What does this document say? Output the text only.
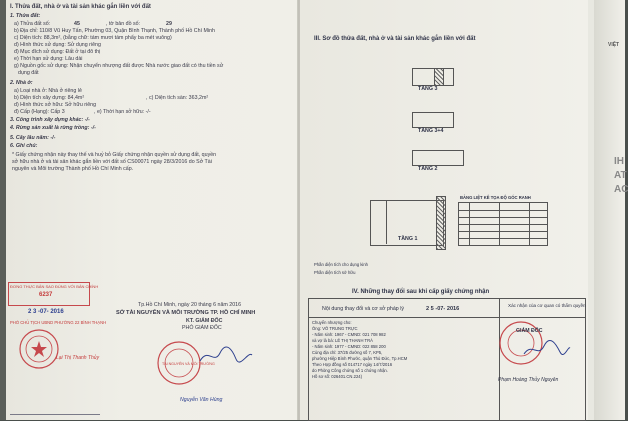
I. Thửa đất, nhà ở và tài sản khác gắn liền với đất
1. Thửa đất:
a) Thửa đất số:	45	, tờ bản đồ số:	29
b) Địa chỉ: 110/8 Vũ Huy Tấn, Phường 03, Quận Bình Thạnh, Thành phố Hồ Chí Minh
c) Diện tích: 88,3m², (bằng chữ: tám mươi tám phẩy ba mét vuông)
d) Hình thức sử dụng: Sử dụng riêng
đ) Mục đích sử dụng: Đất ở tại đô thị
e) Thời hạn sử dụng: Lâu dài
g) Nguồn gốc sử dụng: Nhận chuyển nhượng đất được Nhà nước giao đất có thu tiền sử
dụng đất
2. Nhà ở:
a) Loại nhà ở: Nhà ở riêng lẻ
b) Diện tích xây dựng: 84,4m²	, c) Diện tích sàn: 363,2m²
d) Hình thức sở hữu: Sở hữu riêng
đ) Cấp (Hạng): Cấp 3	, e) Thời hạn sở hữu: -/-
3. Công trình xây dựng khác: -/-
4. Rừng sản xuất là rừng trồng: -/-
5. Cây lâu năm: -/-
6. Ghi chú:
* Giấy chứng nhận này thay thế và huỷ bỏ Giấy chứng nhận quyền sử dụng đất, quyền
sở hữu nhà ở và tài sản khác gắn liền với đất số CS00071 ngày 28/3/2016 do Sở Tài
nguyên và Môi trường Thành phố Hồ Chí Minh cấp.
ĐƠNG THỰC BẢN SAO ĐÚNG VỚI BẢN CHÍNH
6237
2 3 -07- 2016
PHÓ CHỦ TỊCH UBND PHƯỜNG 22 BÌNH THẠNH
Lại Thị Thanh Thủy
Tp.Hồ Chí Minh, ngày 20 tháng 6 năm 2016
SỞ TÀI NGUYÊN VÀ MÔI TRƯỜNG TP. HỒ CHÍ MINH
KT. GIÁM ĐỐC
PHÓ GIÁM ĐỐC
TÀI NGUYÊN VÀ MÔI TRƯỜNG
Nguyễn Văn Hùng
III. Sơ đồ thửa đất, nhà ở và tài sản khác gắn liền với đất
TẦNG 3
TẦNG 3+4
TẦNG 2
TẦNG 1
BẢNG LIỆT KÊ TỌA ĐỘ GÓC RANH
Phần diện tích cho dụng kinh
Phần diện tích sở hữu
IV. Những thay đổi sau khi cấp giấy chứng nhận
Nội dung thay đổi và cơ sở pháp lý	2 5 -07- 2016
Xác nhận của cơ quan có thẩm quyền
Chuyển nhượng cho:
Ông: VÕ TRUNG TRỰC
- Năm sinh: 1967 - CMND: 021 708 982
và vợ là bà: LÊ THỊ THANH TRÀ
- Năm sinh: 1977 - CMND: 022 858 200
Cùng địa chỉ: 37/25 đường số 7, KP5,
phường Hiệp Bình Phước, quận Thủ Đức, Tp.HCM
Theo Hợp đồng số 014717 ngày 14/7/2016
do Phòng Công chứng số 1 chứng nhận.
Hồ sơ số: 026401.CN.224)
GIÁM ĐỐC
Phạm Hoàng Thủy Nguyên
VIỆT
IH
AT
AC
